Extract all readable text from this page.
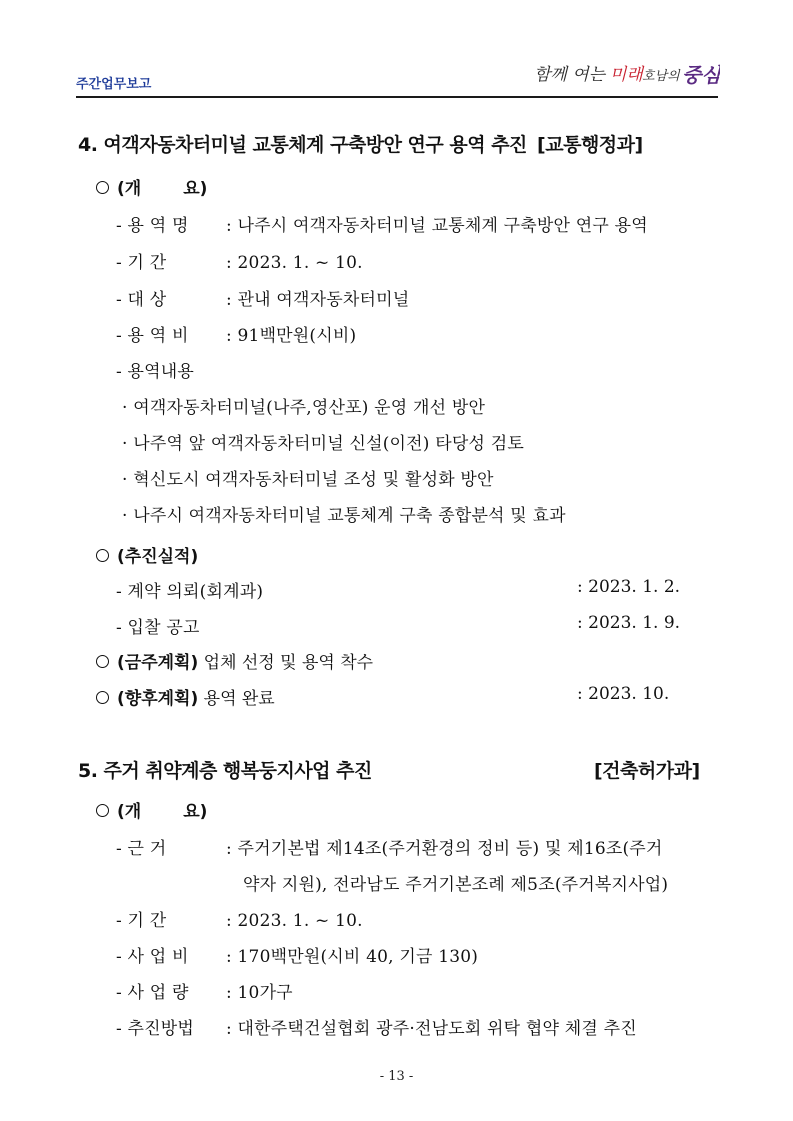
주간업무보고	함께 여는 미래 호남의 중심
4. 여객자동차터미널 교통체계 구축방안 연구 용역 추진 [교통행정과]
(개 요)
- 용 역 명 : 나주시 여객자동차터미널 교통체계 구축방안 연구 용역
- 기 간	: 2023. 1. ~ 10.
- 대 상	: 관내 여객자동차터미널
- 용 역 비 : 91백만원(시비)
- 용역내용
· 여객자동차터미널(나주,영산포) 운영 개선 방안
· 나주역 앞 여객자동차터미널 신설(이전) 타당성 검토
· 혁신도시 여객자동차터미널 조성 및 활성화 방안
· 나주시 여객자동차터미널 교통체계 구축 종합분석 및 효과
(추진실적)
- 계약 의뢰(회계과)	: 2023. 1. 2.
- 입찰 공고	: 2023. 1. 9.
(금주계획) 업체 선정 및 용역 착수
(향후계획) 용역 완료	: 2023. 10.
5. 주거 취약계층 행복둥지사업 추진	[건축허가과]
(개 요)
- 근 거	: 주거기본법 제14조(주거환경의 정비 등) 및 제16조(주거
약자 지원), 전라남도 주거기본조례 제5조(주거복지사업)
- 기 간	: 2023. 1. ~ 10.
- 사 업 비 : 170백만원(시비 40, 기금 130)
- 사 업 량 : 10가구
- 추진방법 : 대한주택건설협회 광주·전남도회 위탁 협약 체결 추진
- 13 -
